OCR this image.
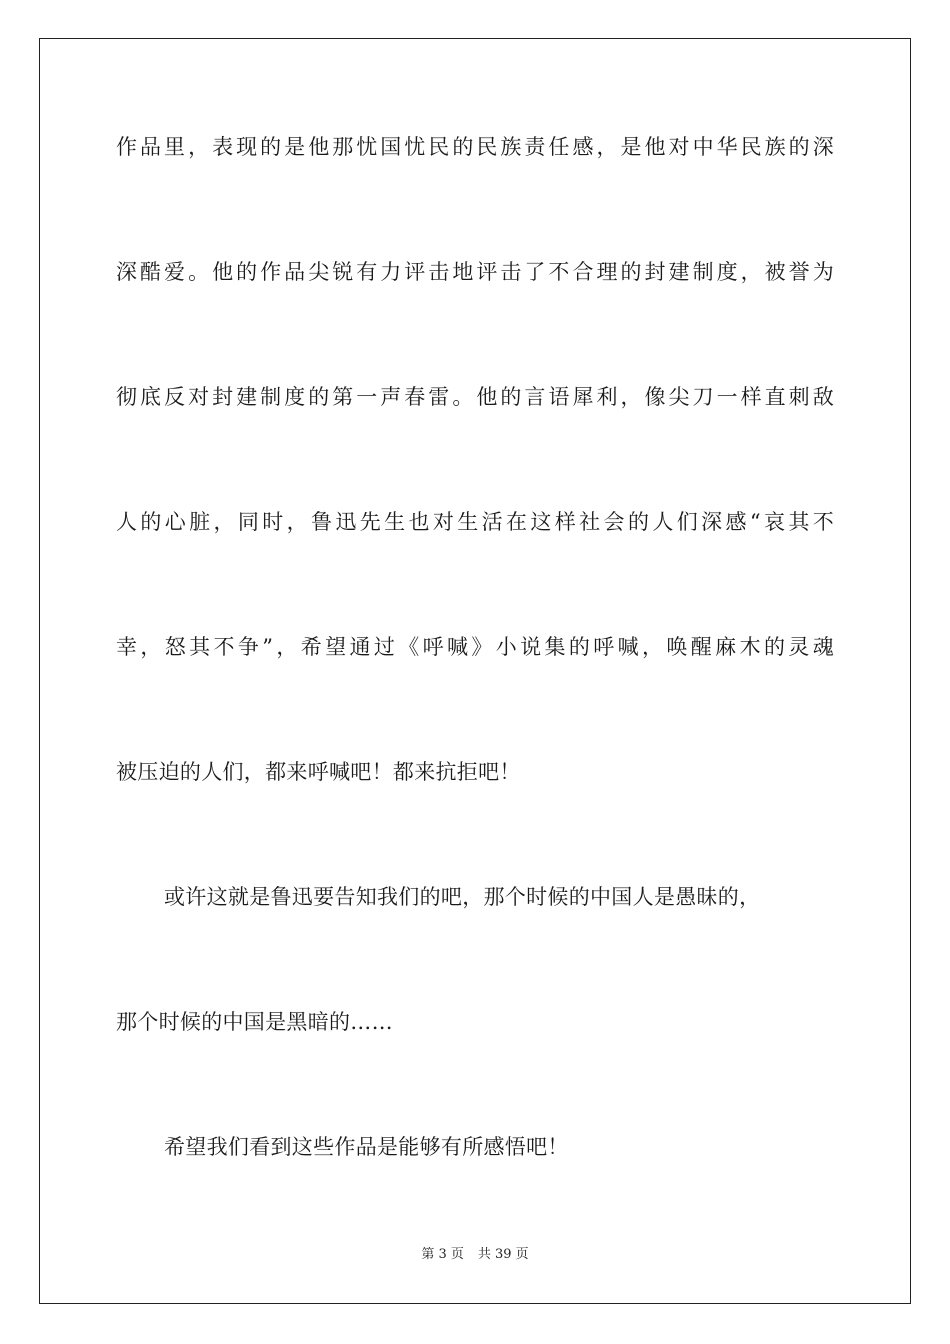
作品里，表现的是他那忧国忧民的民族责任感，是他对中华民族的深
深酷爱。他的作品尖锐有力评击地评击了不合理的封建制度，被誉为
彻底反对封建制度的第一声春雷。他的言语犀利，像尖刀一样直刺敌
人的心脏，同时，鲁迅先生也对生活在这样社会的人们深感“哀其不
幸，怒其不争”，希望通过《呼喊》小说集的呼喊，唤醒麻木的灵魂
被压迫的人们，都来呼喊吧！都来抗拒吧！
或许这就是鲁迅要告知我们的吧，那个时候的中国人是愚昧的，
那个时候的中国是黑暗的……
希望我们看到这些作品是能够有所感悟吧！
第 3 页 共 39 页
